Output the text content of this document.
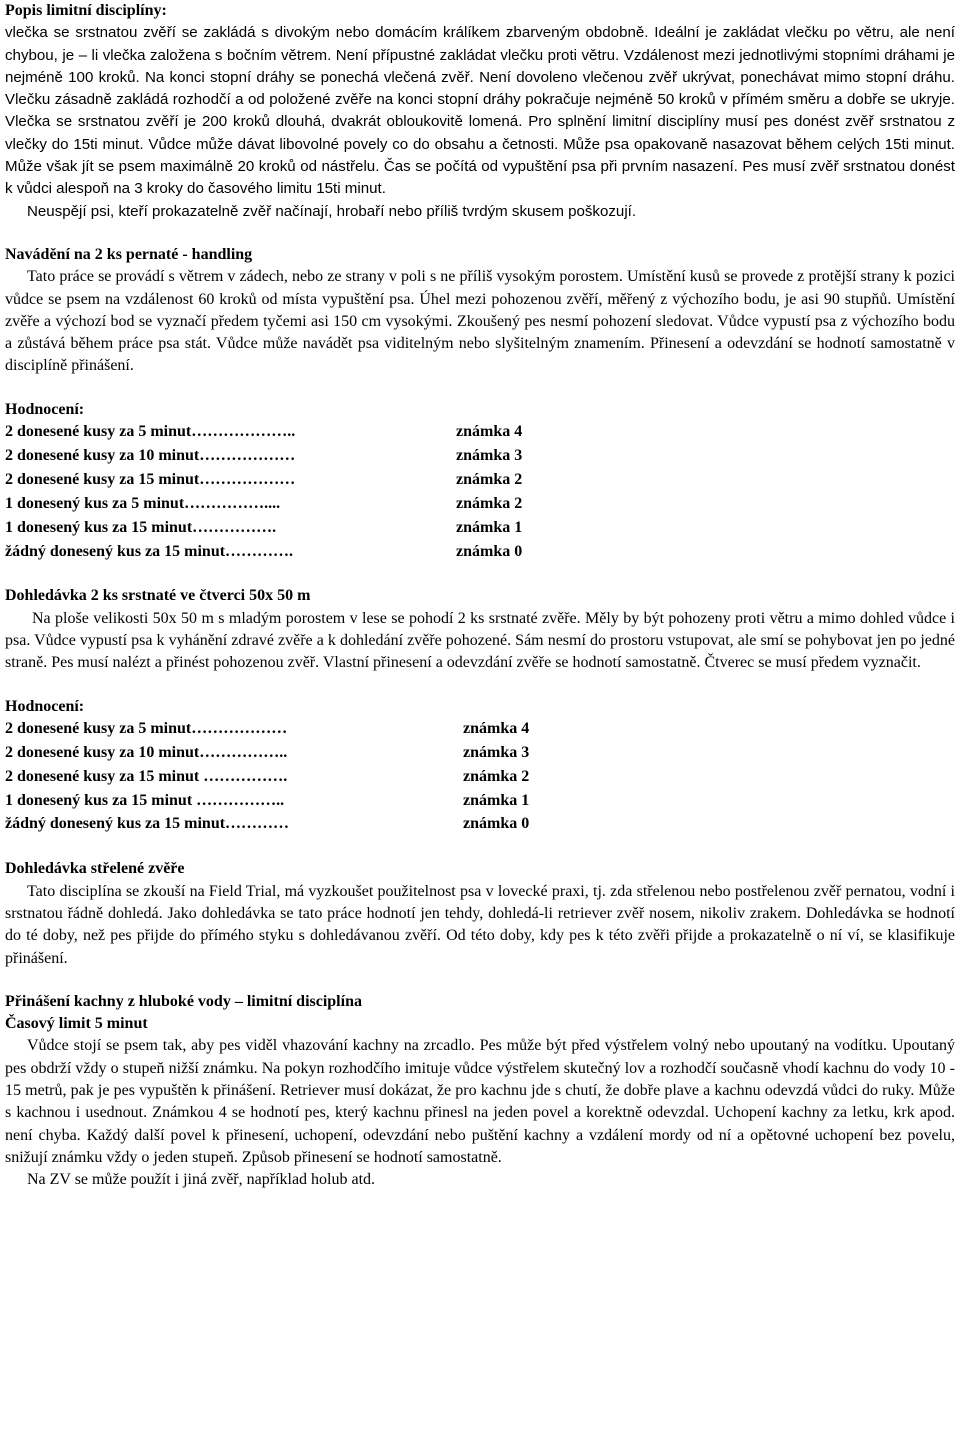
Popis limitní disciplíny:

vlečka se srstnatou zvěří se zakládá s divokým nebo domácím králíkem zbarveným obdobně. Ideální je zakládat vlečku po větru, ale není chybou, je – li vlečka založena s bočním větrem. Není přípustné zakládat vlečku proti větru. Vzdálenost mezi jednotlivými stopními dráhami je nejméně 100 kroků. Na konci stopní dráhy se ponechá vlečená zvěř. Není dovoleno vlečenou zvěř ukrývat, ponechávat mimo stopní dráhu. Vlečku zásadně zakládá rozhodčí a od položené zvěře na konci stopní dráhy pokračuje nejméně 50 kroků v přímém směru a dobře se ukryje. Vlečka se srstnatou zvěří je 200 kroků dlouhá, dvakrát obloukovitě lomená. Pro splnění limitní disciplíny musí pes donést zvěř srstnatou z vlečky do 15ti minut. Vůdce může dávat libovolné povely co do obsahu a četnosti. Může psa opakovaně nasazovat během celých 15ti minut. Může však jít se psem maximálně 20 kroků od nástřelu. Čas se počítá od vypuštění psa při prvním nasazení. Pes musí zvěř srstnatou donést k vůdci alespoň na 3 kroky do časového limitu 15ti minut.

Neuspějí psi, kteří prokazatelně zvěř načínají, hrobaří nebo příliš tvrdým skusem poškozují.

Navádění na 2 ks pernaté - handling

Tato práce se provádí s větrem v zádech, nebo ze strany v poli s ne příliš vysokým porostem. Umístění kusů se provede z protější strany k pozici vůdce se psem na vzdálenost 60 kroků od místa vypuštění psa. Úhel mezi pohozenou zvěří, měřený z výchozího bodu, je asi 90 stupňů. Umístění zvěře a výchozí bod se vyznačí předem tyčemi asi 150 cm vysokými. Zkoušený pes nesmí pohození sledovat. Vůdce vypustí psa z výchozího bodu a zůstává během práce psa stát. Vůdce může navádět psa viditelným nebo slyšitelným znamením. Přinesení a odevzdání se hodnotí samostatně v disciplíně přinášení.

Hodnocení:
2 donesené kusy za 5 minut………………..	známka 4
2 donesené kusy za 10 minut………………	známka 3
2 donesené kusy za 15 minut………………	známka 2
1 donesený kus za 5 minut……………....	známka 2
1 donesený kus za 15 minut…………….	známka 1
žádný donesený kus za 15 minut………….	známka 0
Dohledávka 2 ks srstnaté ve čtverci 50x 50 m

Na ploše velikosti 50x 50 m s mladým porostem v lese se pohodí 2 ks srstnaté zvěře. Měly by být pohozeny proti větru a mimo dohled vůdce i psa. Vůdce vypustí psa k vyhánění zdravé zvěře a k dohledání zvěře pohozené. Sám nesmí do prostoru vstupovat, ale smí se pohybovat jen po jedné straně. Pes musí nalézt a přinést pohozenou zvěř. Vlastní přinesení a odevzdání zvěře se hodnotí samostatně. Čtverec se musí předem vyznačit.

Hodnocení:
2 donesené kusy za 5 minut………………	známka 4
2 donesené kusy za 10 minut……………..	známka 3
2 donesené kusy za 15 minut …………….	známka 2
1 donesený kus za 15 minut ……………..	známka 1
žádný donesený kus za 15 minut…………	známka 0
Dohledávka střelené zvěře

Tato disciplína se zkouší na Field Trial, má vyzkoušet použitelnost psa v lovecké praxi, tj. zda střelenou nebo postřelenou zvěř pernatou, vodní i srstnatou řádně dohledá. Jako dohledávka se tato práce hodnotí jen tehdy, dohledá-li retriever zvěř nosem, nikoliv zrakem. Dohledávka se hodnotí do té doby, než pes přijde do přímého styku s dohledávanou zvěří. Od této doby, kdy pes k této zvěři přijde a prokazatelně o ní ví, se klasifikuje přinášení.

Přinášení kachny z hluboké vody – limitní disciplína
Časový limit 5 minut

Vůdce stojí se psem tak, aby pes viděl vhazování kachny na zrcadlo. Pes může být před výstřelem volný nebo upoutaný na vodítku. Upoutaný pes obdrží vždy o stupeň nižší známku. Na pokyn rozhodčího imituje vůdce výstřelem skutečný lov a rozhodčí současně vhodí kachnu do vody 10 - 15 metrů, pak je pes vypuštěn k přinášení. Retriever musí dokázat, že pro kachnu jde s chutí, že dobře plave a kachnu odevzdá vůdci do ruky. Může s kachnou i usednout. Známkou 4 se hodnotí pes, který kachnu přinesl na jeden povel a korektně odevzdal. Uchopení kachny za letku, krk apod. není chyba. Každý další povel k přinesení, uchopení, odevzdání nebo puštění kachny a vzdálení mordy od ní a opětovné uchopení bez povelu, snižují známku vždy o jeden stupeň. Způsob přinesení se hodnotí samostatně.

Na ZV se může použít i jiná zvěř, například holub atd.
